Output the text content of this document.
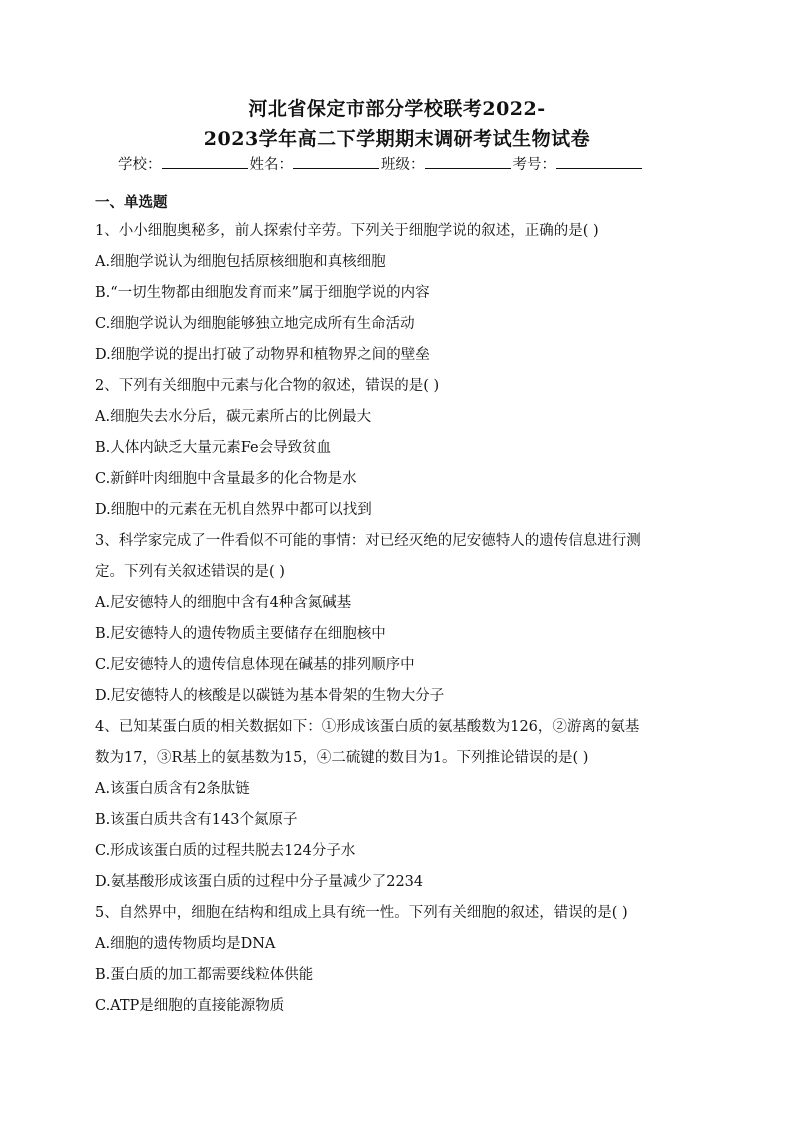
河北省保定市部分学校联考2022-
2023学年高二下学期期末调研考试生物试卷
学校：	姓名：	班级：	考号：
一、单选题
1、小小细胞奥秘多，前人探索付辛劳。下列关于细胞学说的叙述，正确的是( )
A.细胞学说认为细胞包括原核细胞和真核细胞
B.“一切生物都由细胞发育而来”属于细胞学说的内容
C.细胞学说认为细胞能够独立地完成所有生命活动
D.细胞学说的提出打破了动物界和植物界之间的壁垒
2、下列有关细胞中元素与化合物的叙述，错误的是( )
A.细胞失去水分后，碳元素所占的比例最大
B.人体内缺乏大量元素Fe会导致贫血
C.新鲜叶肉细胞中含量最多的化合物是水
D.细胞中的元素在无机自然界中都可以找到
3、科学家完成了一件看似不可能的事情：对已经灭绝的尼安德特人的遗传信息进行测
定。下列有关叙述错误的是( )
A.尼安德特人的细胞中含有4种含氮碱基
B.尼安德特人的遗传物质主要储存在细胞核中
C.尼安德特人的遗传信息体现在碱基的排列顺序中
D.尼安德特人的核酸是以碳链为基本骨架的生物大分子
4、已知某蛋白质的相关数据如下：①形成该蛋白质的氨基酸数为126，②游离的氨基
数为17，③R基上的氨基数为15，④二硫键的数目为1。下列推论错误的是( )
A.该蛋白质含有2条肽链
B.该蛋白质共含有143个氮原子
C.形成该蛋白质的过程共脱去124分子水
D.氨基酸形成该蛋白质的过程中分子量减少了2234
5、自然界中，细胞在结构和组成上具有统一性。下列有关细胞的叙述，错误的是( )
A.细胞的遗传物质均是DNA
B.蛋白质的加工都需要线粒体供能
C.ATP是细胞的直接能源物质
